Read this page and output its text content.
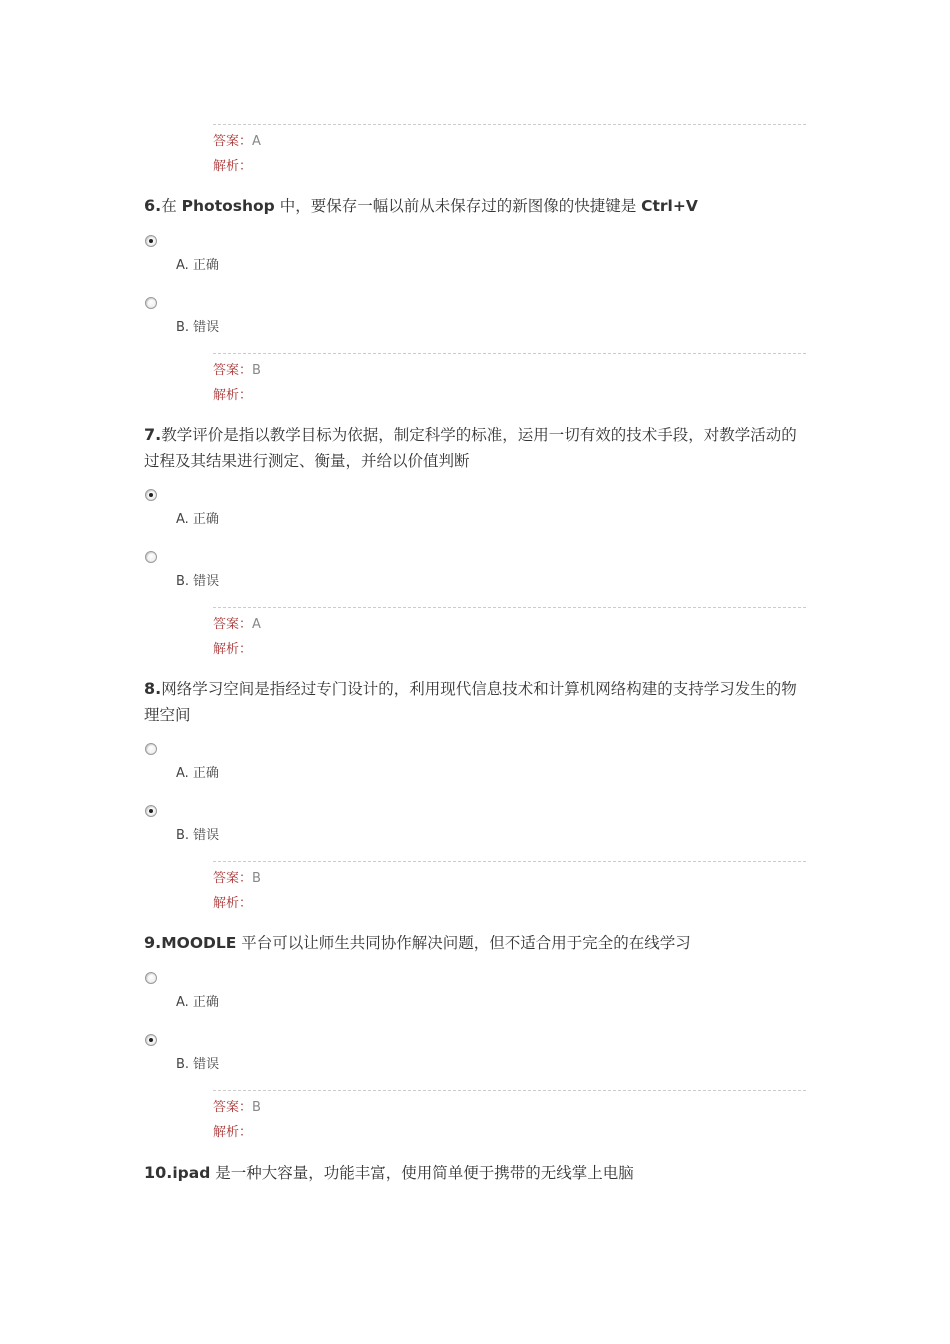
答案：A
解析：
6.在 Photoshop 中，要保存一幅以前从未保存过的新图像的快捷键是 Ctrl+V
A. 正确
B. 错误
答案：B
解析：
7.教学评价是指以教学目标为依据，制定科学的标准，运用一切有效的技术手段，对教学活动的过程及其结果进行测定、衡量，并给以价值判断
A. 正确
B. 错误
答案：A
解析：
8.网络学习空间是指经过专门设计的，利用现代信息技术和计算机网络构建的支持学习发生的物理空间
A. 正确
B. 错误
答案：B
解析：
9.MOODLE 平台可以让师生共同协作解决问题，但不适合用于完全的在线学习
A. 正确
B. 错误
答案：B
解析：
10.ipad 是一种大容量，功能丰富，使用简单便于携带的无线掌上电脑
